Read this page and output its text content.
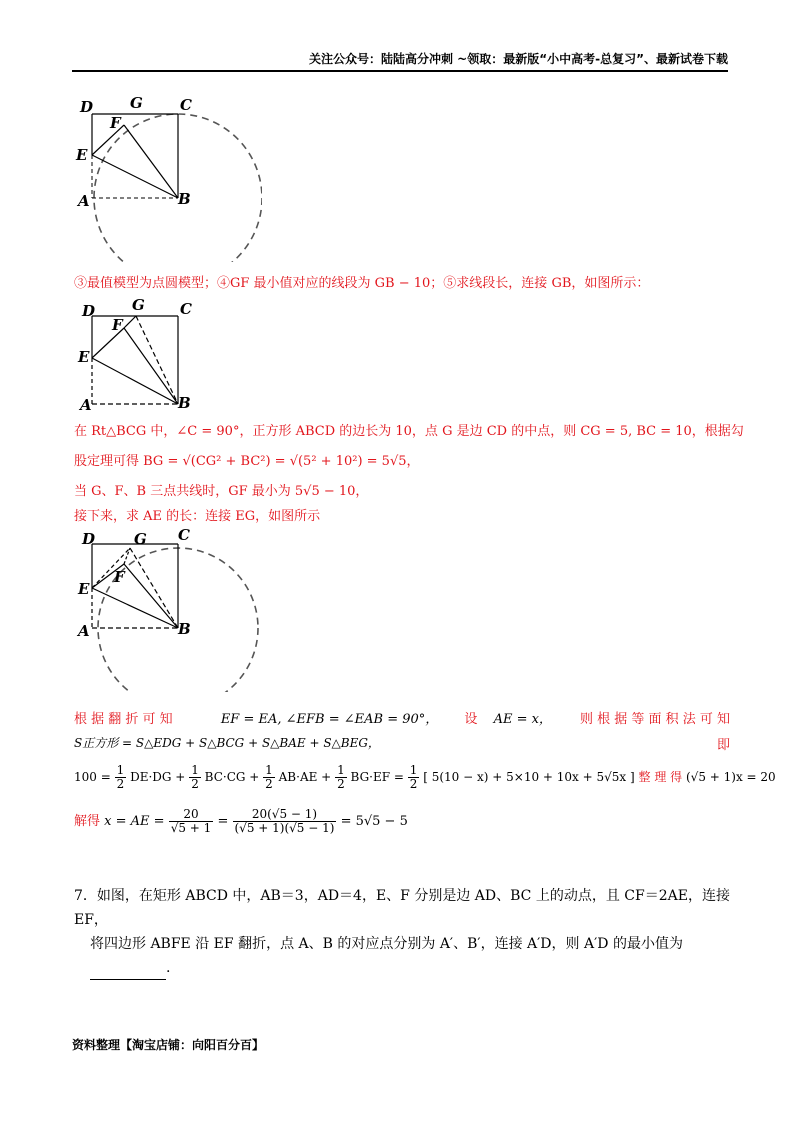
关注公众号：陆陆高分冲刺 ~领取：最新版“小中高考-总复习”、最新试卷下载
D G C
F
E
A	B
③最值模型为点圆模型；④GF 最小值对应的线段为 GB − 10；⑤求线段长，连接 GB，如图所示：
D G C
F
E
A	B
在 Rt△BCG 中，∠C = 90°，正方形 ABCD 的边长为 10，点 G 是边 CD 的中点，则 CG = 5, BC = 10，根据勾
股定理可得 BG = √(CG² + BC²) = √(5² + 10²) = 5√5，
当 G、F、B 三点共线时，GF 最小为 5√5 − 10，
接下来，求 AE 的长：连接 EG，如图所示
D	G C
F
E
A	B
根 据 翻 折 可 知	EF = EA, ∠EFB = ∠EAB = 90°， 设 AE = x， 则 根 据 等 面 积 法 可 知
S正方形 = S△EDG + S△BCG + S△BAE + S△BEG，	即
$100 = \frac{1}{2} DE\cdot DG + \frac{1}{2} BC\cdot CG + \frac{1}{2} AB\cdot AE + \frac{1}{2} BG\cdot EF = \frac{1}{2}$ [ 5(10 − x) + 5×10 + 10x + 5√5x ] 整 理 得 (√5 + 1)x = 20
解得 x = AE = $\frac{20}{√5 + 1} = \frac{20(√5 - 1)}{(√5 + 1)(√5 - 1)} = 5√5 - 5$
7．如图，在矩形 ABCD 中，AB＝3，AD＝4，E、F 分别是边 AD、BC 上的动点，且 CF＝2AE，连接 EF，
将四边形 ABFE 沿 EF 翻折，点 A、B 的对应点分别为 A′、B′，连接 A′D，则 A′D 的最小值为
.
资料整理【淘宝店铺：向阳百分百】
